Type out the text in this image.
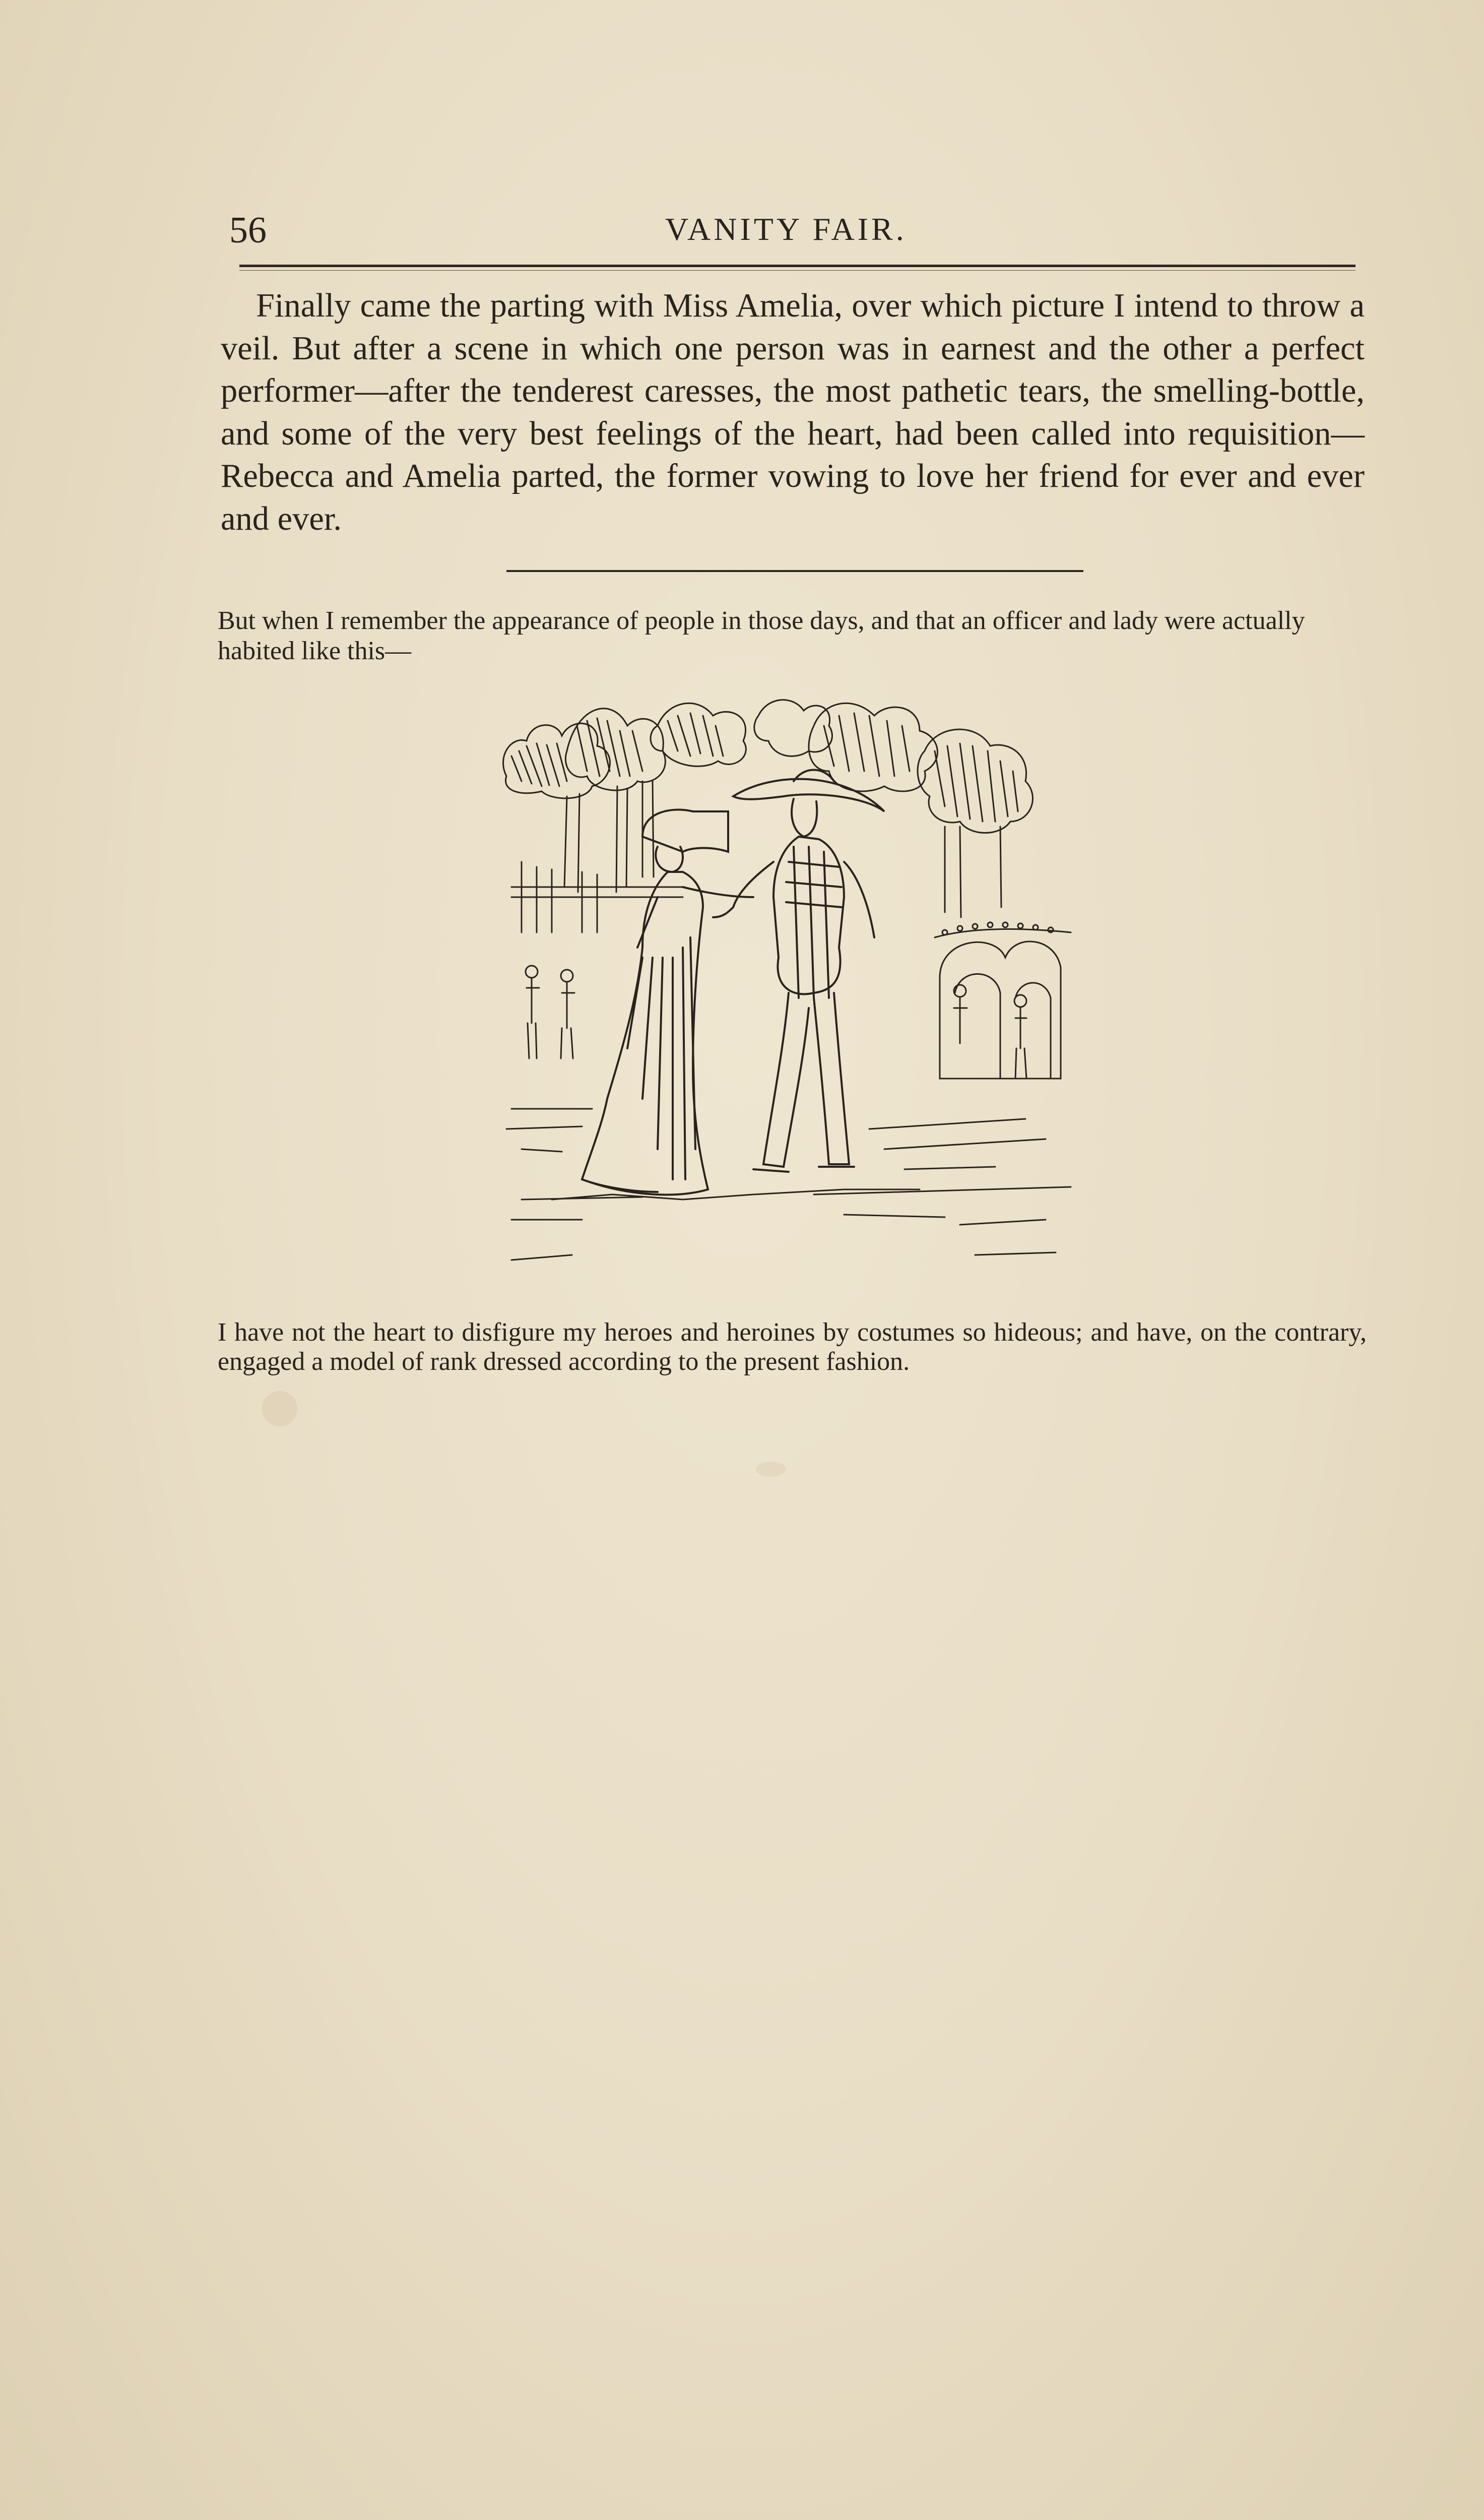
56	VANITY FAIR.

Finally came the parting with Miss Amelia, over which picture I intend to throw a veil. But after a scene in which one person was in earnest and the other a perfect performer—after the tenderest caresses, the most pathetic tears, the smelling-bottle, and some of the very best feelings of the heart, had been called into requisition—Rebecca and Amelia parted, the former vowing to love her friend for ever and ever and ever.

But when I remember the appearance of people in those days, and that an officer and lady were actually habited like this—

I have not the heart to disfigure my heroes and heroines by costumes so hideous; and have, on the contrary, engaged a model of rank dressed according to the present fashion.
